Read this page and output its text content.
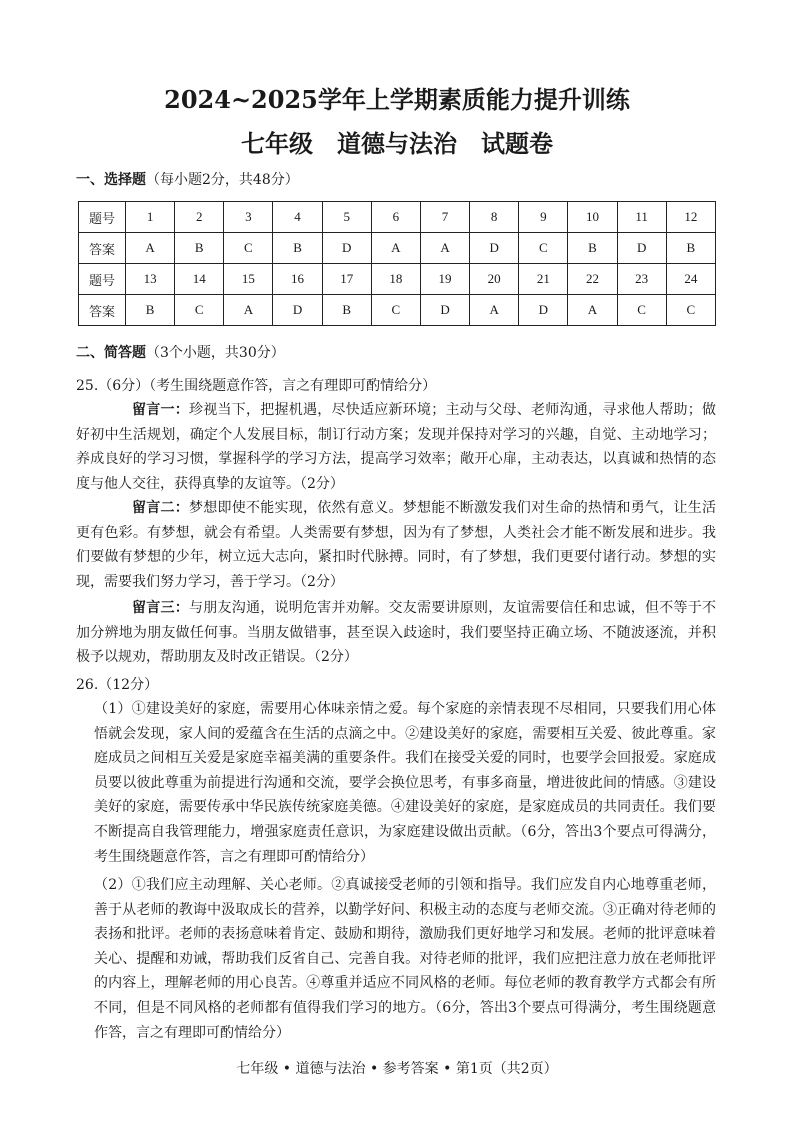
2024~2025学年上学期素质能力提升训练
七年级　道德与法治　试题卷
一、选择题（每小题2分，共48分）
题号	1	2	3	4	5	6	7	8	9	10	11	12
答案	A	B	C	B	D	A	A	D	C	B	D	B
题号	13	14	15	16	17	18	19	20	21	22	23	24
答案	B	C	A	D	B	C	D	A	D	A	C	C
二、简答题（3个小题，共30分）
25.（6分）（考生围绕题意作答，言之有理即可酌情给分）
留言一：珍视当下，把握机遇，尽快适应新环境；主动与父母、老师沟通，寻求他人帮助；做好初中生活规划，确定个人发展目标，制订行动方案；发现并保持对学习的兴趣，自觉、主动地学习；养成良好的学习习惯，掌握科学的学习方法，提高学习效率；敞开心扉，主动表达，以真诚和热情的态度与他人交往，获得真挚的友谊等。（2分）
留言二：梦想即使不能实现，依然有意义。梦想能不断激发我们对生命的热情和勇气，让生活更有色彩。有梦想，就会有希望。人类需要有梦想，因为有了梦想，人类社会才能不断发展和进步。我们要做有梦想的少年，树立远大志向，紧扣时代脉搏。同时，有了梦想，我们更要付诸行动。梦想的实现，需要我们努力学习，善于学习。（2分）
留言三：与朋友沟通，说明危害并劝解。交友需要讲原则，友谊需要信任和忠诚，但不等于不加分辨地为朋友做任何事。当朋友做错事，甚至误入歧途时，我们要坚持正确立场、不随波逐流，并积极予以规劝，帮助朋友及时改正错误。（2分）
26.（12分）
（1）①建设美好的家庭，需要用心体味亲情之爱。每个家庭的亲情表现不尽相同，只要我们用心体悟就会发现，家人间的爱蕴含在生活的点滴之中。②建设美好的家庭，需要相互关爱、彼此尊重。家庭成员之间相互关爱是家庭幸福美满的重要条件。我们在接受关爱的同时，也要学会回报爱。家庭成员要以彼此尊重为前提进行沟通和交流，要学会换位思考，有事多商量，增进彼此间的情感。③建设美好的家庭，需要传承中华民族传统家庭美德。④建设美好的家庭，是家庭成员的共同责任。我们要不断提高自我管理能力，增强家庭责任意识，为家庭建设做出贡献。（6分，答出3个要点可得满分，考生围绕题意作答，言之有理即可酌情给分）
（2）①我们应主动理解、关心老师。②真诚接受老师的引领和指导。我们应发自内心地尊重老师，善于从老师的教诲中汲取成长的营养，以勤学好问、积极主动的态度与老师交流。③正确对待老师的表扬和批评。老师的表扬意味着肯定、鼓励和期待，激励我们更好地学习和发展。老师的批评意味着关心、提醒和劝诫，帮助我们反省自己、完善自我。对待老师的批评，我们应把注意力放在老师批评的内容上，理解老师的用心良苦。④尊重并适应不同风格的老师。每位老师的教育教学方式都会有所不同，但是不同风格的老师都有值得我们学习的地方。（6分，答出3个要点可得满分，考生围绕题意作答，言之有理即可酌情给分）
七年级 • 道德与法治 • 参考答案 • 第1页（共2页）
